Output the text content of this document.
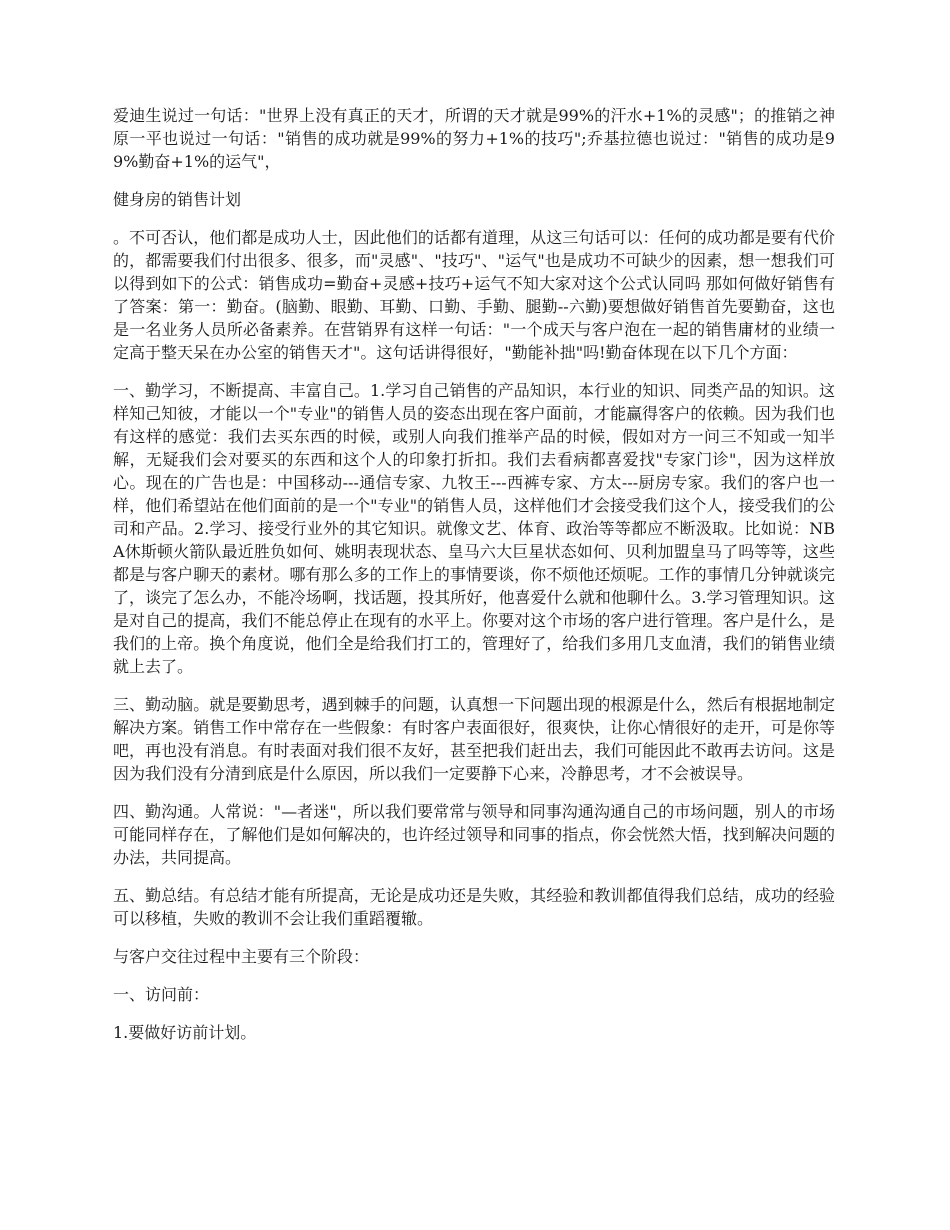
爱迪生说过一句话："世界上没有真正的天才，所谓的天才就是99%的汗水+1%的灵感"；的推销之神原一平也说过一句话："销售的成功就是99%的努力+1%的技巧";乔基拉德也说过："销售的成功是99%勤奋+1%的运气"，

健身房的销售计划

。不可否认，他们都是成功人士，因此他们的话都有道理，从这三句话可以：任何的成功都是要有代价的，都需要我们付出很多、很多，而"灵感"、"技巧"、"运气"也是成功不可缺少的因素，想一想我们可以得到如下的公式：销售成功=勤奋+灵感+技巧+运气不知大家对这个公式认同吗 那如何做好销售有了答案：第一：勤奋。(脑勤、眼勤、耳勤、口勤、手勤、腿勤--六勤)要想做好销售首先要勤奋，这也是一名业务人员所必备素养。在营销界有这样一句话："一个成天与客户泡在一起的销售庸材的业绩一定高于整天呆在办公室的销售天才"。这句话讲得很好，"勤能补拙"吗!勤奋体现在以下几个方面：

一、勤学习，不断提高、丰富自己。1.学习自己销售的产品知识，本行业的知识、同类产品的知识。这样知己知彼，才能以一个"专业"的销售人员的姿态出现在客户面前，才能赢得客户的依赖。因为我们也有这样的感觉：我们去买东西的时候，或别人向我们推举产品的时候，假如对方一问三不知或一知半解，无疑我们会对要买的东西和这个人的印象打折扣。我们去看病都喜爱找"专家门诊"，因为这样放心。现在的广告也是：中国移动---通信专家、九牧王---西裤专家、方太---厨房专家。我们的客户也一样，他们希望站在他们面前的是一个"专业"的销售人员，这样他们才会接受我们这个人，接受我们的公司和产品。2.学习、接受行业外的其它知识。就像文艺、体育、政治等等都应不断汲取。比如说：NBA休斯顿火箭队最近胜负如何、姚明表现状态、皇马六大巨星状态如何、贝利加盟皇马了吗等等，这些都是与客户聊天的素材。哪有那么多的工作上的事情要谈，你不烦他还烦呢。工作的事情几分钟就谈完了，谈完了怎么办，不能冷场啊，找话题，投其所好，他喜爱什么就和他聊什么。3.学习管理知识。这是对自己的提高，我们不能总停止在现有的水平上。你要对这个市场的客户进行管理。客户是什么，是我们的上帝。换个角度说，他们全是给我们打工的，管理好了，给我们多用几支血清，我们的销售业绩就上去了。

三、勤动脑。就是要勤思考，遇到棘手的问题，认真想一下问题出现的根源是什么，然后有根据地制定解决方案。销售工作中常存在一些假象：有时客户表面很好，很爽快，让你心情很好的走开，可是你等吧，再也没有消息。有时表面对我们很不友好，甚至把我们赶出去，我们可能因此不敢再去访问。这是因为我们没有分清到底是什么原因，所以我们一定要静下心来，冷静思考，才不会被误导。

四、勤沟通。人常说："—者迷"，所以我们要常常与领导和同事沟通沟通自己的市场问题，别人的市场可能同样存在，了解他们是如何解决的，也许经过领导和同事的指点，你会恍然大悟，找到解决问题的办法，共同提高。

五、勤总结。有总结才能有所提高，无论是成功还是失败，其经验和教训都值得我们总结，成功的经验可以移植，失败的教训不会让我们重蹈覆辙。

与客户交往过程中主要有三个阶段：

一、访问前：

1.要做好访前计划。
